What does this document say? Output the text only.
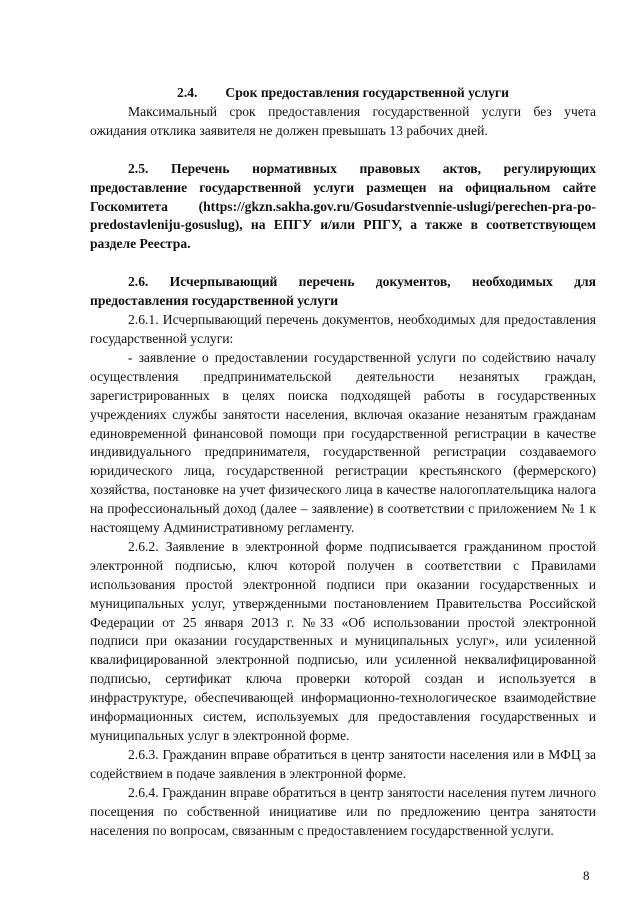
2.4. Срок предоставления государственной услуги

Максимальный срок предоставления государственной услуги без учета ожидания отклика заявителя не должен превышать 13 рабочих дней.

2.5. Перечень нормативных правовых актов, регулирующих предоставление государственной услуги размещен на официальном сайте Госкомитета (https://gkzn.sakha.gov.ru/Gosudarstvennie-uslugi/perechen-pra-po-predostavleniju-gosuslug), на ЕПГУ и/или РПГУ, а также в соответствующем разделе Реестра.

2.6. Исчерпывающий перечень документов, необходимых для предоставления государственной услуги

2.6.1. Исчерпывающий перечень документов, необходимых для предоставления государственной услуги:

- заявление о предоставлении государственной услуги по содействию началу осуществления предпринимательской деятельности незанятых граждан, зарегистрированных в целях поиска подходящей работы в государственных учреждениях службы занятости населения, включая оказание незанятым гражданам единовременной финансовой помощи при государственной регистрации в качестве индивидуального предпринимателя, государственной регистрации создаваемого юридического лица, государственной регистрации крестьянского (фермерского) хозяйства, постановке на учет физического лица в качестве налогоплательщика налога на профессиональный доход (далее – заявление) в соответствии с приложением № 1 к настоящему Административному регламенту.

2.6.2. Заявление в электронной форме подписывается гражданином простой электронной подписью, ключ которой получен в соответствии с Правилами использования простой электронной подписи при оказании государственных и муниципальных услуг, утвержденными постановлением Правительства Российской Федерации от 25 января 2013 г. №33 «Об использовании простой электронной подписи при оказании государственных и муниципальных услуг», или усиленной квалифицированной электронной подписью, или усиленной неквалифицированной подписью, сертификат ключа проверки которой создан и используется в инфраструктуре, обеспечивающей информационно-технологическое взаимодействие информационных систем, используемых для предоставления государственных и муниципальных услуг в электронной форме.

2.6.3. Гражданин вправе обратиться в центр занятости населения или в МФЦ за содействием в подаче заявления в электронной форме.

2.6.4. Гражданин вправе обратиться в центр занятости населения путем личного посещения по собственной инициативе или по предложению центра занятости населения по вопросам, связанным с предоставлением государственной услуги.

8
